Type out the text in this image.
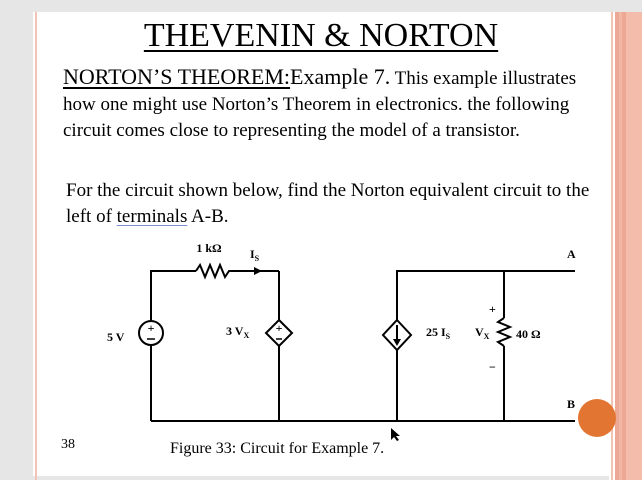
THEVENIN & NORTON
NORTON’S THEOREM:Example 7. This example illustrates how one might use Norton’s Theorem in electronics. the following circuit comes close to representing the model of a transistor.
For the circuit shown below, find the Norton equivalent circuit to the left of terminals A-B.
+	+
1 kΩ $I_S$
5 V	3 $V_X$	25 $I_S$ $V_X$ 40 Ω
+
−
A
B
38	Figure 33: Circuit for Example 7.
